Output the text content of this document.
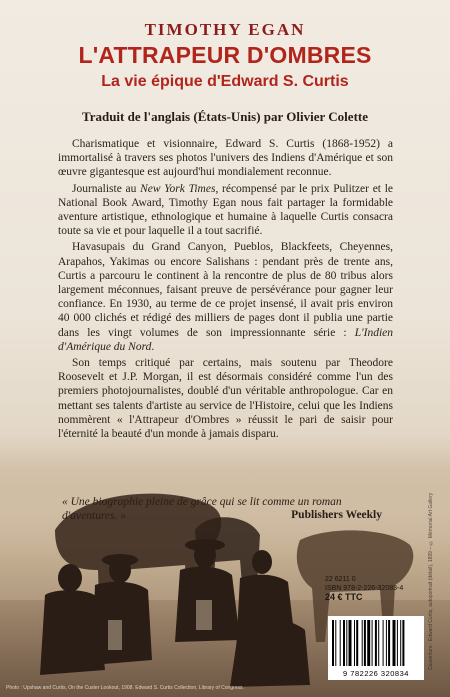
TIMOTHY EGAN
L'ATTRAPEUR D'OMBRES
La vie épique d'Edward S. Curtis
Traduit de l'anglais (États-Unis) par Olivier Colette

Charismatique et visionnaire, Edward S. Curtis (1868-1952) a immortalisé à travers ses photos l'univers des Indiens d'Amérique et son œuvre gigantesque est aujourd'hui mondialement reconnue.

Journaliste au New York Times, récompensé par le prix Pulitzer et le National Book Award, Timothy Egan nous fait partager la formidable aventure artistique, ethnologique et humaine à laquelle Curtis consacra toute sa vie et pour laquelle il a tout sacrifié.

Havasupais du Grand Canyon, Pueblos, Blackfeets, Cheyennes, Arapahos, Yakimas ou encore Salishans : pendant près de trente ans, Curtis a parcouru le continent à la rencontre de plus de 80 tribus alors largement méconnues, faisant preuve de persévérance pour gagner leur confiance. En 1930, au terme de ce projet insensé, il avait pris environ 40 000 clichés et rédigé des milliers de pages dont il publia une partie dans les vingt volumes de son impressionnante série : L'Indien d'Amérique du Nord.

Son temps critiqué par certains, mais soutenu par Theodore Roosevelt et J.P. Morgan, il est désormais considéré comme l'un des premiers photojournalistes, doublé d'un véritable anthropologue. Car en mettant ses talents d'artiste au service de l'Histoire, celui que les Indiens nommèrent « l'Attrapeur d'Ombres » réussit le pari de saisir pour l'éternité la beauté d'un monde à jamais disparu.

« Une biographie pleine de grâce qui se lit comme un roman d'aventures. »	Publishers Weekly
22 6211 0
ISBN 978-2-226-32083-4
24 € TTC
9 782226 320834
Photo : Upshaw and Curtis, On the Custer Lookout, 1908. Edward S. Curtis Collection, Library of Congress.
Couverture : Edward Curtis, autoportrait (détail), 1899 – © Mémorial Art Gallery
